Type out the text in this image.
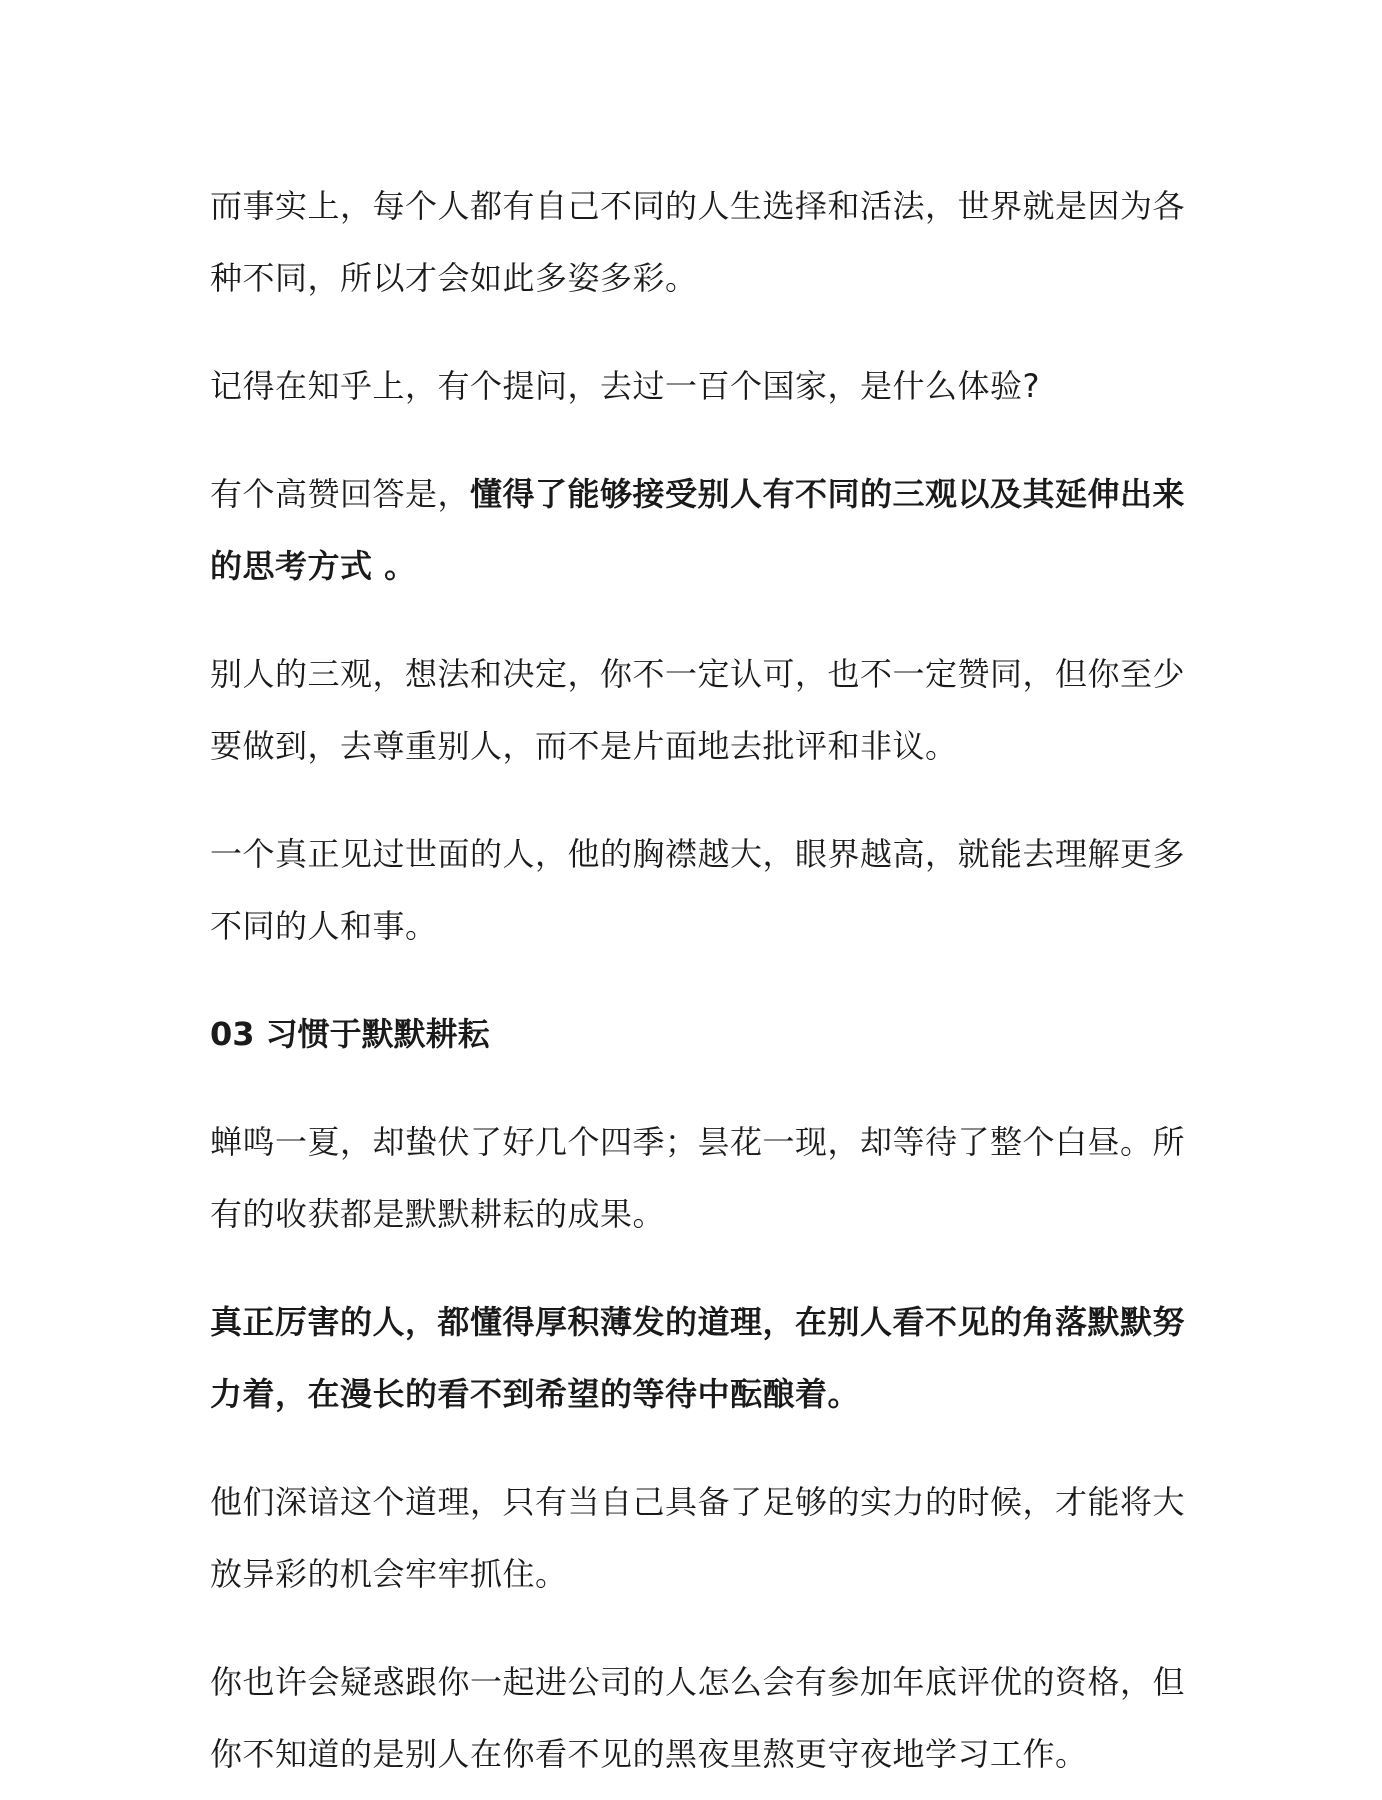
而事实上，每个人都有自己不同的人生选择和活法，世界就是因为各种不同，所以才会如此多姿多彩。

记得在知乎上，有个提问，去过一百个国家，是什么体验?

有个高赞回答是，懂得了能够接受别人有不同的三观以及其延伸出来的思考方式 。

别人的三观，想法和决定，你不一定认可，也不一定赞同，但你至少要做到，去尊重别人，而不是片面地去批评和非议。

一个真正见过世面的人，他的胸襟越大，眼界越高，就能去理解更多不同的人和事。

03 习惯于默默耕耘

蝉鸣一夏，却蛰伏了好几个四季；昙花一现，却等待了整个白昼。所有的收获都是默默耕耘的成果。

真正厉害的人，都懂得厚积薄发的道理，在别人看不见的角落默默努力着，在漫长的看不到希望的等待中酝酿着。

他们深谙这个道理，只有当自己具备了足够的实力的时候，才能将大放异彩的机会牢牢抓住。

你也许会疑惑跟你一起进公司的人怎么会有参加年底评优的资格，但你不知道的是别人在你看不见的黑夜里熬更守夜地学习工作。
